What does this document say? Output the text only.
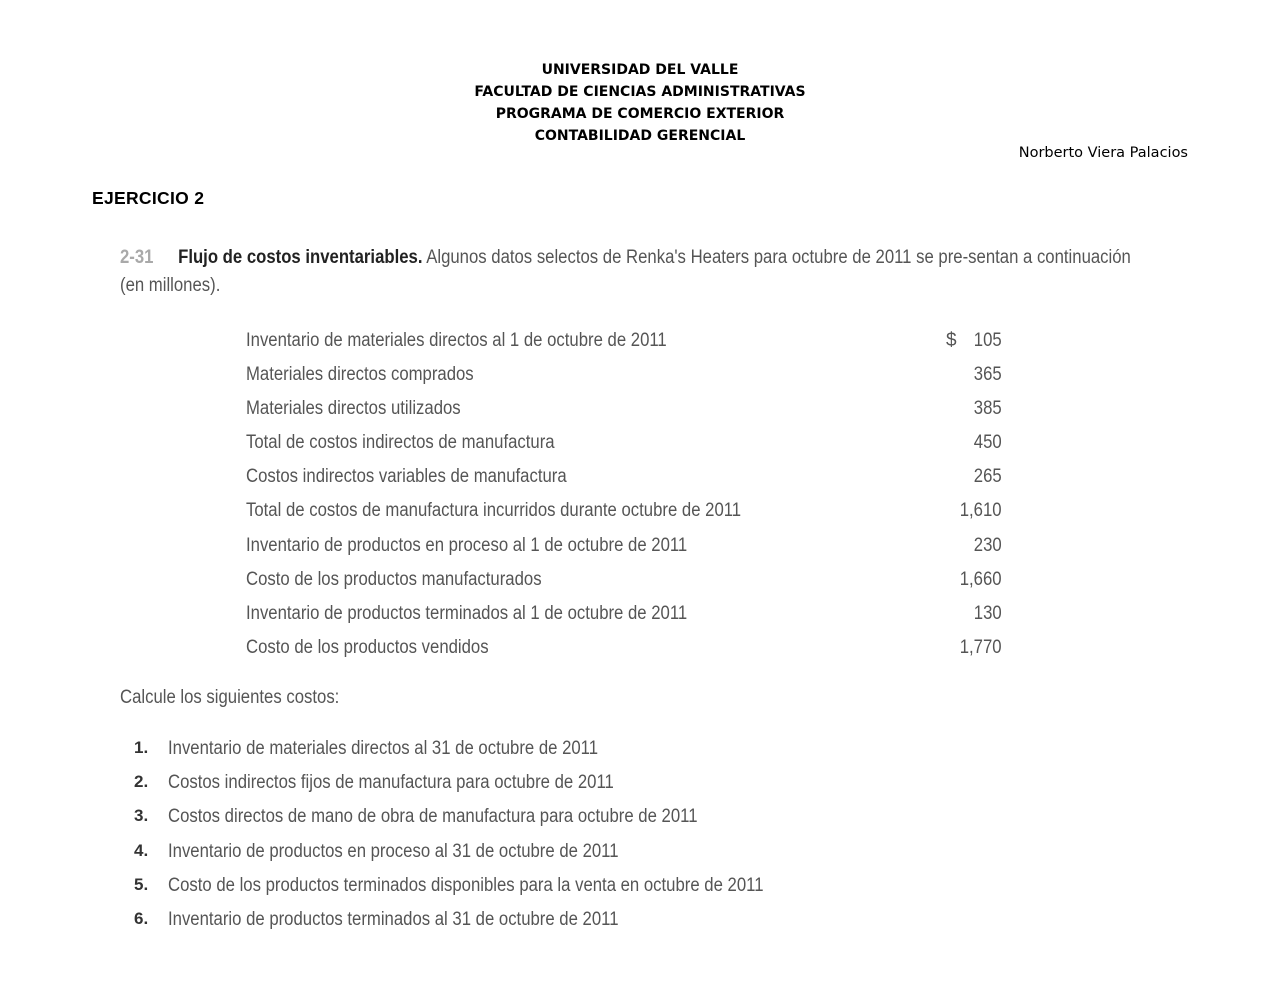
UNIVERSIDAD DEL VALLE
FACULTAD DE CIENCIAS ADMINISTRATIVAS
PROGRAMA DE COMERCIO EXTERIOR
CONTABILIDAD GERENCIAL
Norberto Viera Palacios
EJERCICIO 2
2-31 Flujo de costos inventariables. Algunos datos selectos de Renka's Heaters para octubre de 2011 se pre-sentan a continuación (en millones).
Inventario de materiales directos al 1 de octubre de 2011	$ 105
Materiales directos comprados	365
Materiales directos utilizados	385
Total de costos indirectos de manufactura	450
Costos indirectos variables de manufactura	265
Total de costos de manufactura incurridos durante octubre de 2011	1,610
Inventario de productos en proceso al 1 de octubre de 2011	230
Costo de los productos manufacturados	1,660
Inventario de productos terminados al 1 de octubre de 2011	130
Costo de los productos vendidos	1,770
Calcule los siguientes costos:
1. Inventario de materiales directos al 31 de octubre de 2011
2. Costos indirectos fijos de manufactura para octubre de 2011
3. Costos directos de mano de obra de manufactura para octubre de 2011
4. Inventario de productos en proceso al 31 de octubre de 2011
5. Costo de los productos terminados disponibles para la venta en octubre de 2011
6. Inventario de productos terminados al 31 de octubre de 2011
